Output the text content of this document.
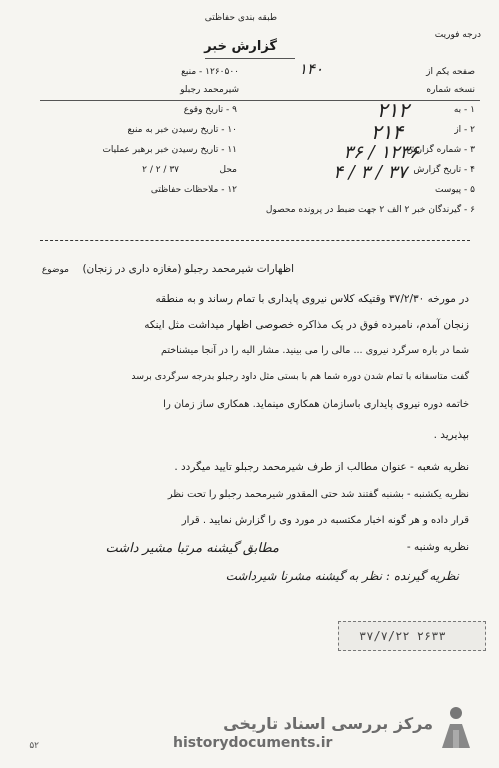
طبقه بندی حفاظتی
گزارش خبر
درجه فوریت
صفحه یکم از
نسخه شماره
۱۲۶۰۵۰۰ - منبع
شیرمحمد رجبلو
۹ - تاریخ وقوع
۱۰ - تاریخ رسیدن خبر به منبع
۱۱ - تاریخ رسیدن خبر برهبر عملیات
محل
۳۷ / ۲ / ۲
۱۲ - ملاحظات حفاظتی
۱ - به
۲ - از
۳ - شماره گزارش
۴ - تاریخ گزارش
۵ - پیوست
۶ - گیرندگان خبر ۲ الف ۲ جهت ضبط در پرونده محصول
۲۱۲
۲۱۴
۱۲۳۶ / ۳۶
۳۷ / ۳ / ۴
۱۴۰
موضوع اظهارات شیرمحمد رجبلو (مغازه داری در زنجان)
در مورخه ۳۷/۲/۳۰ وقتیکه کلاس نیروی پایداری با تمام رساند و به منطقه
زنجان آمدم، نامبرده فوق در یک مذاکره خصوصی اظهار میداشت مثل اینکه
شما در باره سرگرد نیروی ... مالی را می بینید. مشار الیه را در آنجا میشناختم
گفت متاسفانه با تمام شدن دوره شما هم با بستی مثل داود رجبلو بدرجه سرگردی برسد
خاتمه دوره نیروی پایداری باسازمان همکاری مینماید. همکاری ساز زمان را
بپذیرید .
نظریه شعبه - عنوان مطالب از طرف شیرمحمد رجبلو تایید میگردد .
نظریه یکشنبه - بشنبه گفتند شد حتی المقدور شیرمحمد رجبلو را تحت نظر
قرار داده و هر گونه اخبار مکتسبه در مورد وی را گزارش نمایید . قرار
نظریه وشنبه -
مطابق گیشنه مرتبا مشیر داشت
نظریه گیرنده : نظر به گیشنه مشرنا شیرداشت
۳۷/۷/۲۲ ۲۶۳۳
مرکز بررسی اسناد تاریخی
historydocuments.ir
۵۲
